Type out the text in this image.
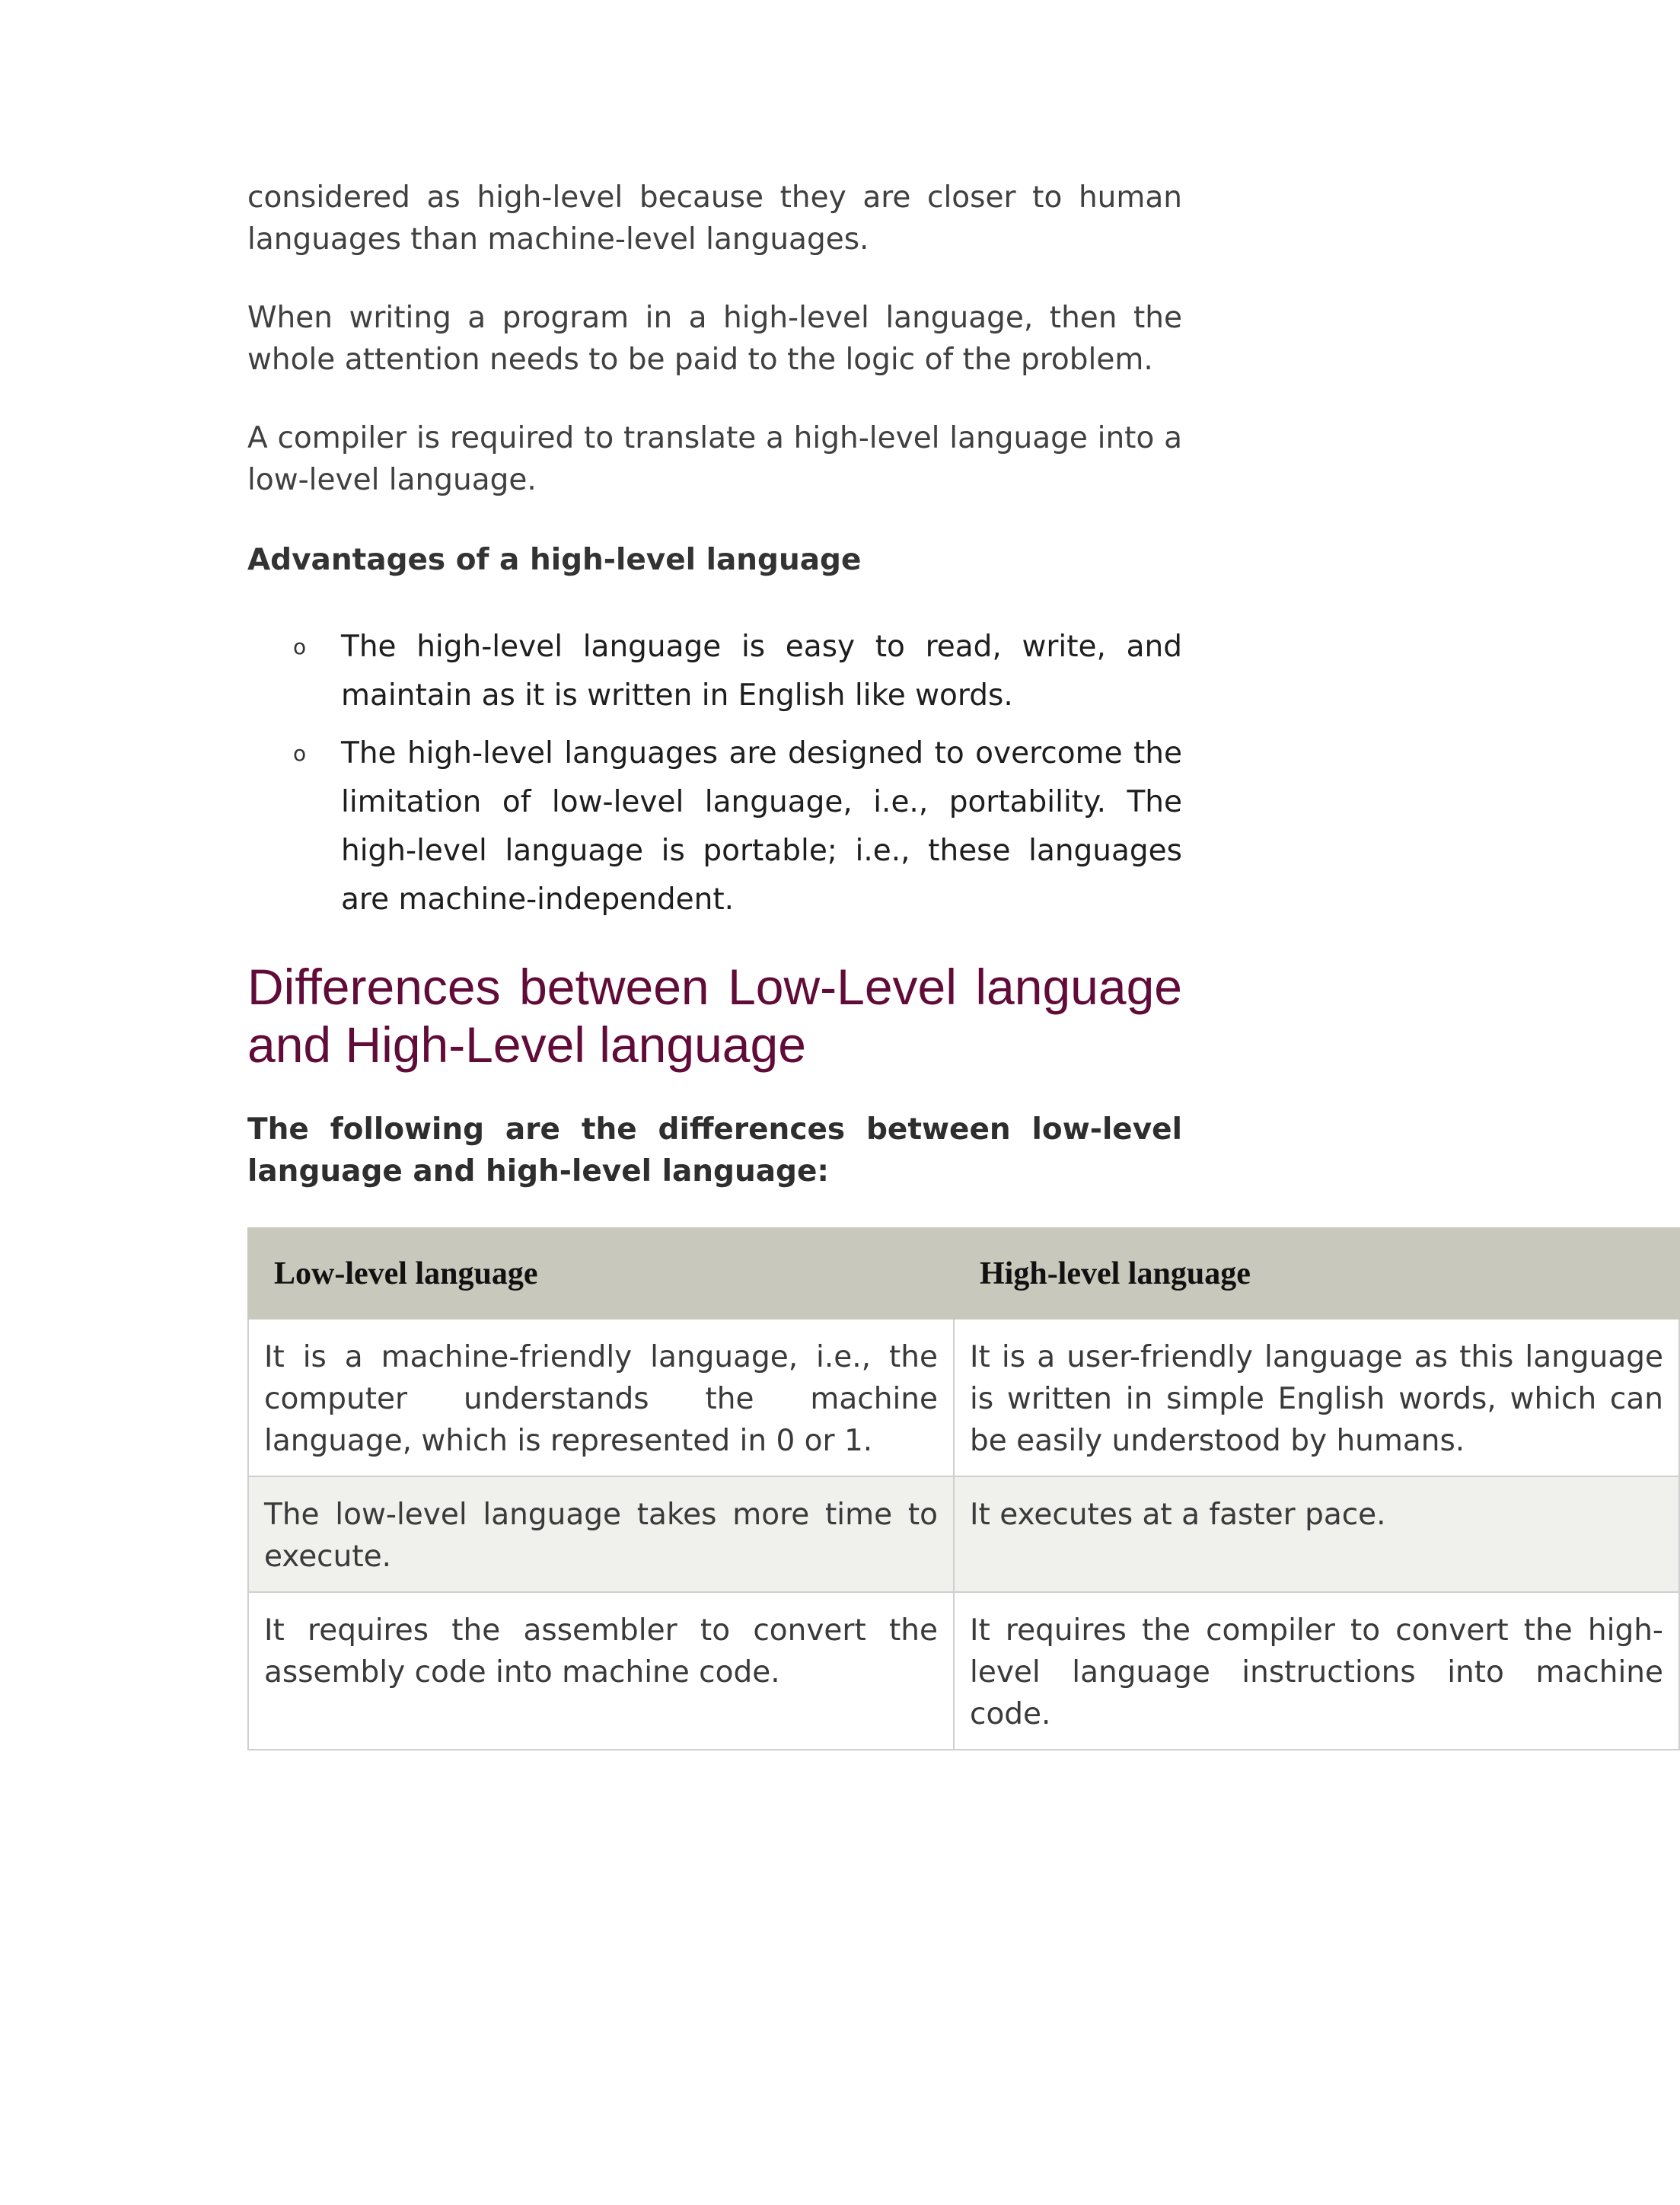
considered as high-level because they are closer to human languages than machine-level languages.

When writing a program in a high-level language, then the whole attention needs to be paid to the logic of the problem.

A compiler is required to translate a high-level language into a low-level language.

Advantages of a high-level language

o The high-level language is easy to read, write, and maintain as it is written in English like words.
o The high-level languages are designed to overcome the limitation of low-level language, i.e., portability. The high-level language is portable; i.e., these languages are machine-independent.
Differences between Low-Level language and High-Level language

The following are the differences between low-level language and high-level language:

Low-level language	High-level language
It is a machine-friendly language, i.e., the computer understands the machine language, which is represented in 0 or 1.	It is a user-friendly language as this language is written in simple English words, which can be easily understood by humans.
The low-level language takes more time to execute.	It executes at a faster pace.
It requires the assembler to convert the assembly code into machine code.	It requires the compiler to convert the high-level language instructions into machine code.
